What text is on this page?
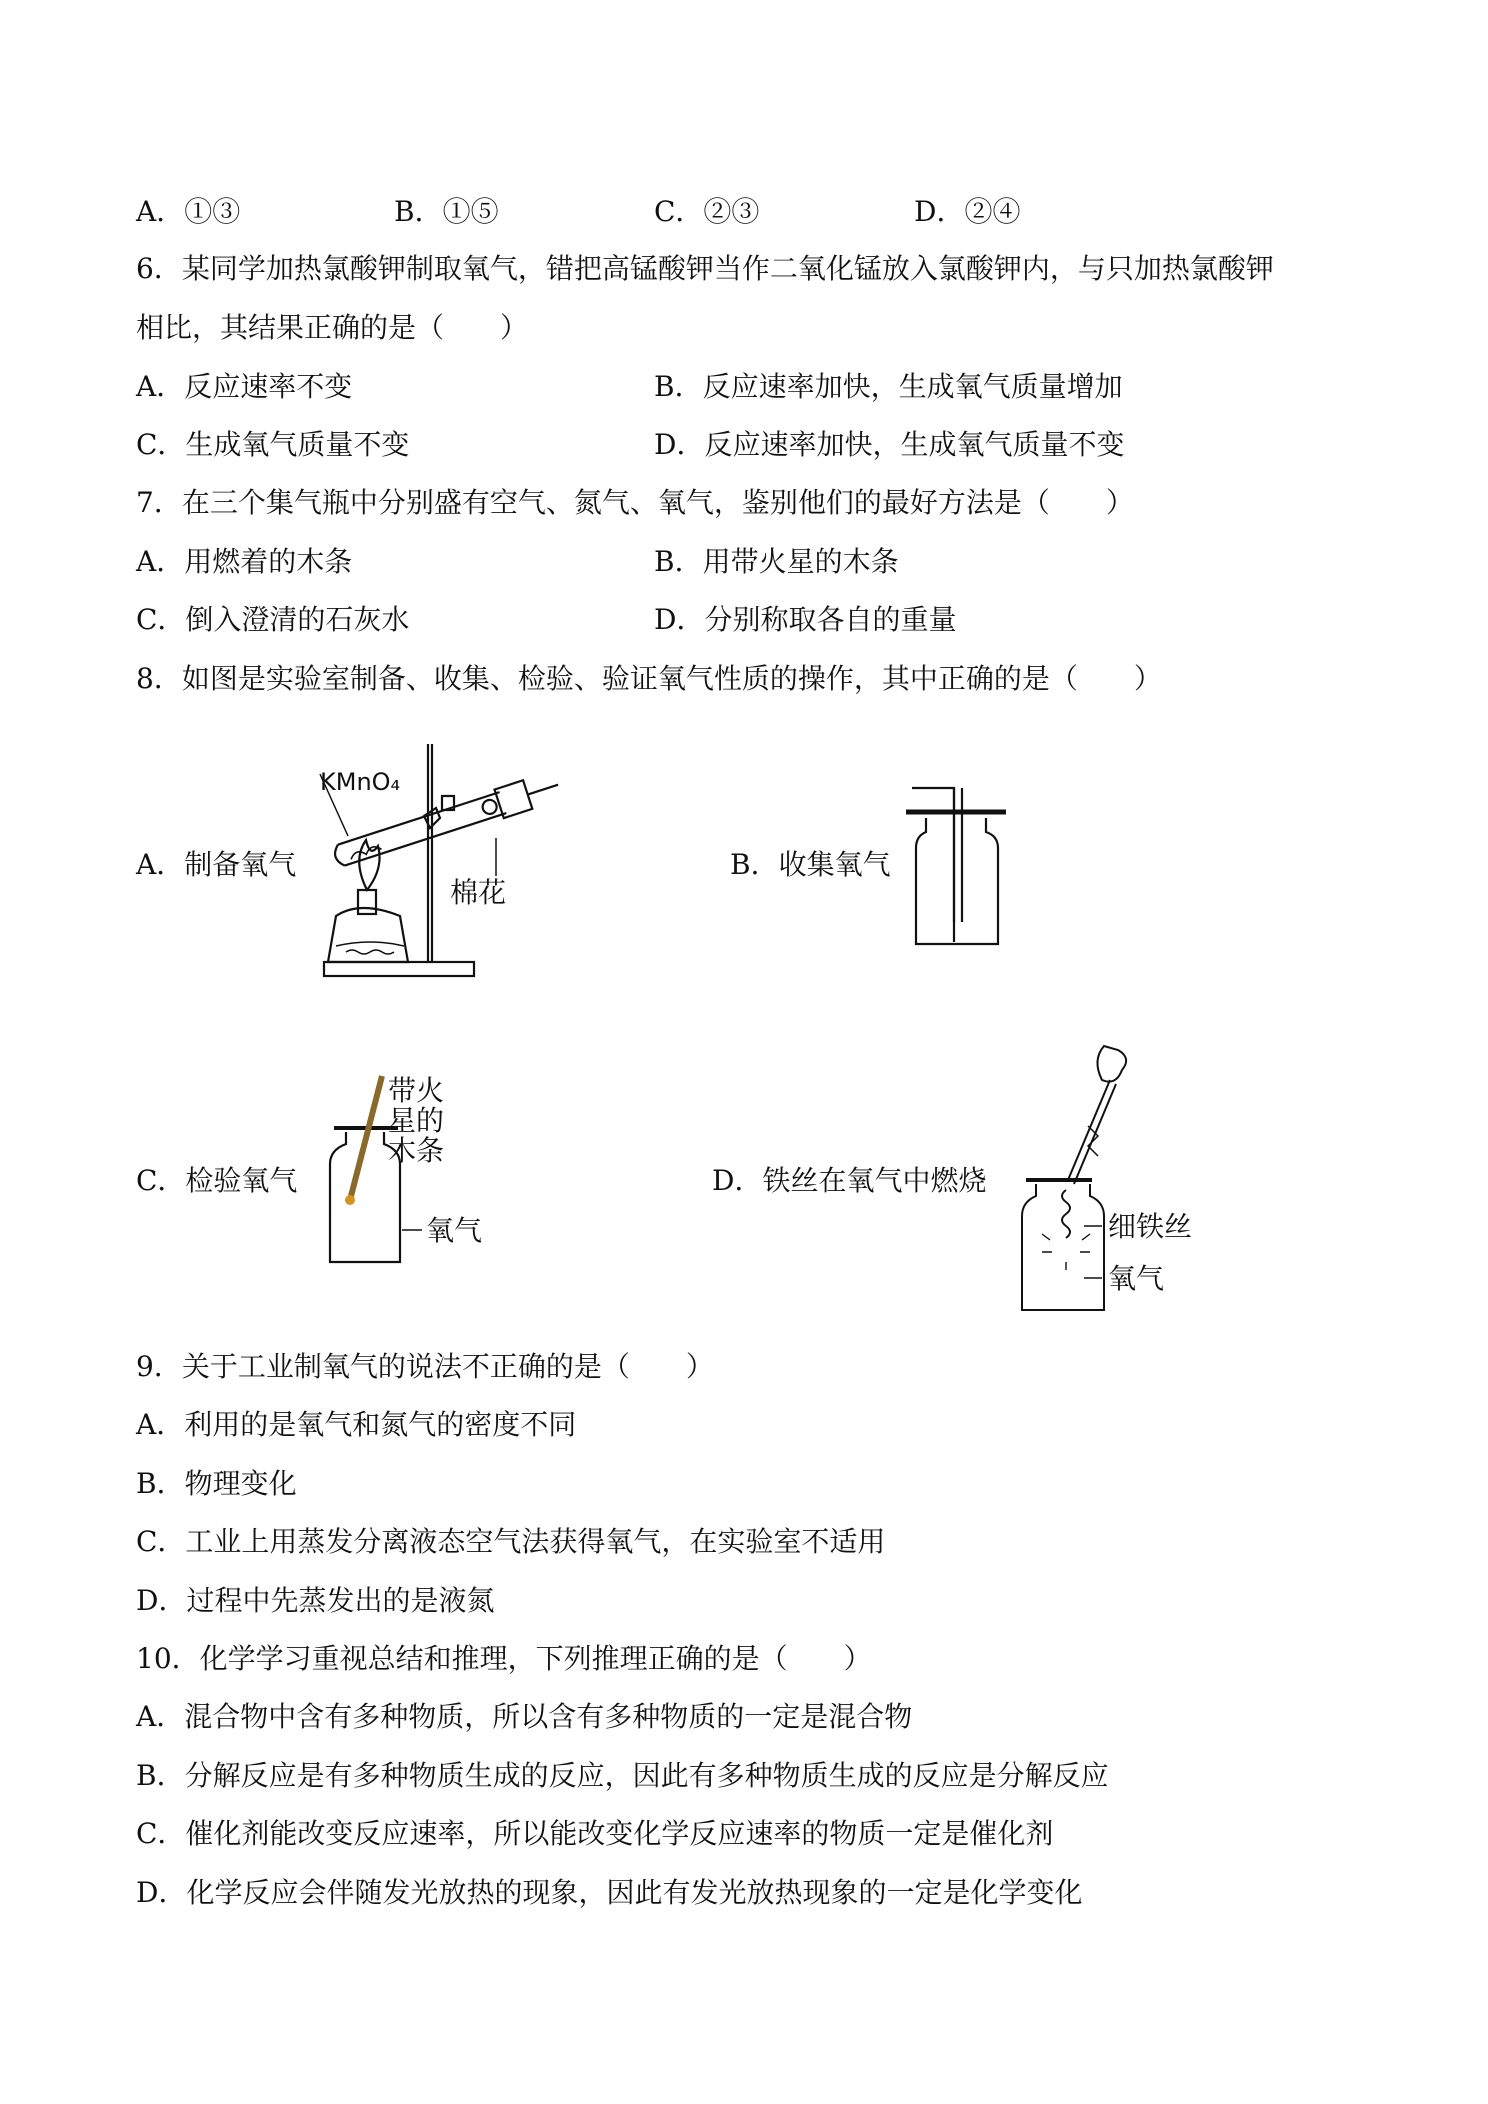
A．①③	B．①⑤	C．②③	D．②④
6．某同学加热氯酸钾制取氧气，错把高锰酸钾当作二氧化锰放入氯酸钾内，与只加热氯酸钾
相比，其结果正确的是（　　）
A．反应速率不变	B．反应速率加快，生成氧气质量增加
C．生成氧气质量不变	D．反应速率加快，生成氧气质量不变
7．在三个集气瓶中分别盛有空气、氮气、氧气，鉴别他们的最好方法是（　　）
A．用燃着的木条	B．用带火星的木条
C．倒入澄清的石灰水	D．分别称取各自的重量
8．如图是实验室制备、收集、检验、验证氧气性质的操作，其中正确的是（　　）
A．制备氧气	B．收集氧气
C．检验氧气	D．铁丝在氧气中燃烧
KMnO₄
棉花
带火
星的
木条
氧气	细铁丝
氧气
9．关于工业制氧气的说法不正确的是（　　）
A．利用的是氧气和氮气的密度不同
B．物理变化
C．工业上用蒸发分离液态空气法获得氧气，在实验室不适用
D．过程中先蒸发出的是液氮
10．化学学习重视总结和推理，下列推理正确的是（　　）
A．混合物中含有多种物质，所以含有多种物质的一定是混合物
B．分解反应是有多种物质生成的反应，因此有多种物质生成的反应是分解反应
C．催化剂能改变反应速率，所以能改变化学反应速率的物质一定是催化剂
D．化学反应会伴随发光放热的现象，因此有发光放热现象的一定是化学变化
